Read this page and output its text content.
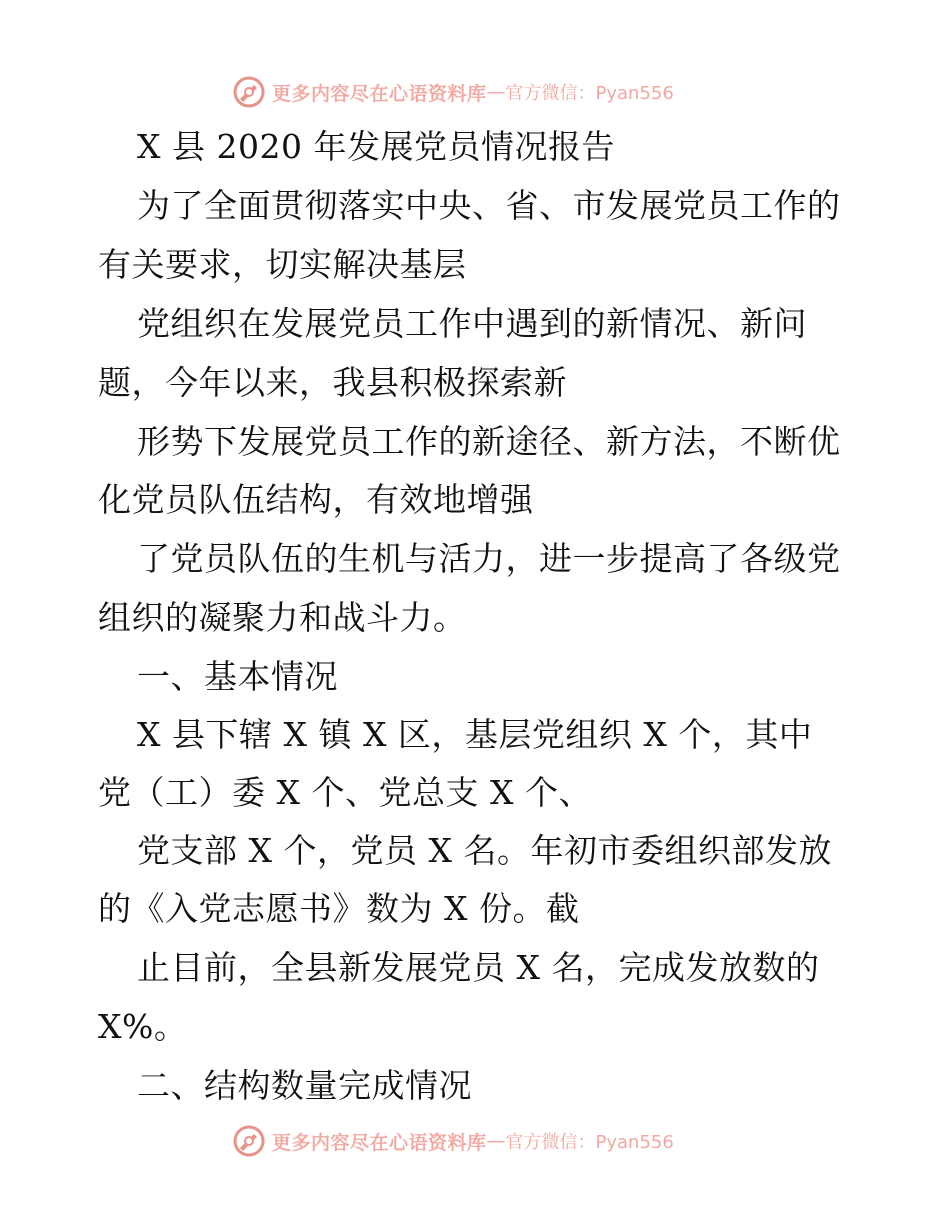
更多内容尽在心语资料库 — 官方微信：Pyan556
X 县 2020 年发展党员情况报告
为了全面贯彻落实中央、省、市发展党员工作的
有关要求，切实解决基层
党组织在发展党员工作中遇到的新情况、新问
题，今年以来，我县积极探索新
形势下发展党员工作的新途径、新方法，不断优
化党员队伍结构，有效地增强
了党员队伍的生机与活力，进一步提高了各级党
组织的凝聚力和战斗力。
一、基本情况
X 县下辖 X 镇 X 区，基层党组织 X 个，其中
党（工）委 X 个、党总支 X 个、
党支部 X 个，党员 X 名。年初市委组织部发放
的《入党志愿书》数为 X 份。截
止目前，全县新发展党员 X 名，完成发放数的
X%。
二、结构数量完成情况
更多内容尽在心语资料库 — 官方微信：Pyan556
